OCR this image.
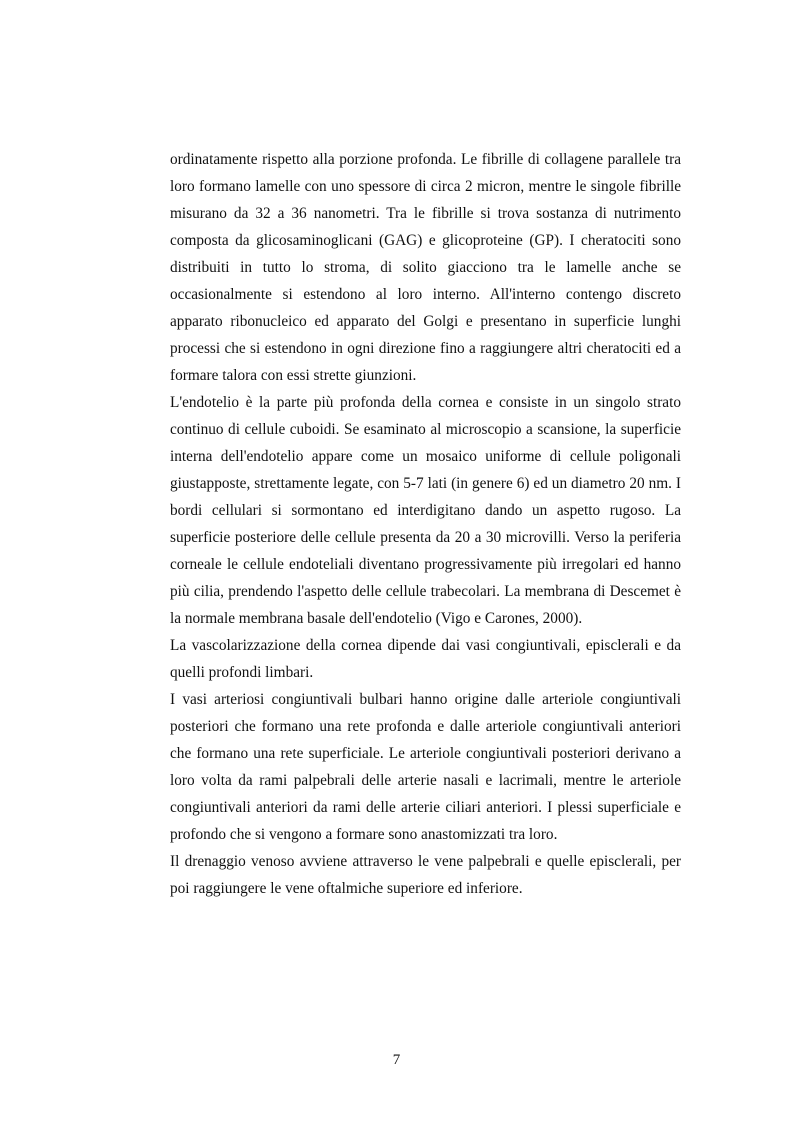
ordinatamente rispetto alla porzione profonda. Le fibrille di collagene parallele tra loro formano lamelle con uno spessore di circa 2 micron, mentre le singole fibrille misurano da 32 a 36 nanometri. Tra le fibrille si trova sostanza di nutrimento composta da glicosaminoglicani (GAG) e glicoproteine (GP). I cheratociti sono distribuiti in tutto lo stroma, di solito giacciono tra le lamelle anche se occasionalmente si estendono al loro interno. All'interno contengo discreto apparato ribonucleico ed apparato del Golgi e presentano in superficie lunghi processi che si estendono in ogni direzione fino a raggiungere altri cheratociti ed a formare talora con essi strette giunzioni.

L'endotelio è la parte più profonda della cornea e consiste in un singolo strato continuo di cellule cuboidi. Se esaminato al microscopio a scansione, la superficie interna dell'endotelio appare come un mosaico uniforme di cellule poligonali giustapposte, strettamente legate, con 5-7 lati (in genere 6) ed un diametro 20 nm. I bordi cellulari si sormontano ed interdigitano dando un aspetto rugoso. La superficie posteriore delle cellule presenta da 20 a 30 microvilli. Verso la periferia corneale le cellule endoteliali diventano progressivamente più irregolari ed hanno più cilia, prendendo l'aspetto delle cellule trabecolari. La membrana di Descemet è la normale membrana basale dell'endotelio (Vigo e Carones, 2000).

La vascolarizzazione della cornea dipende dai vasi congiuntivali, episclerali e da quelli profondi limbari.

I vasi arteriosi congiuntivali bulbari hanno origine dalle arteriole congiuntivali posteriori che formano una rete profonda e dalle arteriole congiuntivali anteriori che formano una rete superficiale. Le arteriole congiuntivali posteriori derivano a loro volta da rami palpebrali delle arterie nasali e lacrimali, mentre le arteriole congiuntivali anteriori da rami delle arterie ciliari anteriori. I plessi superficiale e profondo che si vengono a formare sono anastomizzati tra loro.

Il drenaggio venoso avviene attraverso le vene palpebrali e quelle episclerali, per poi raggiungere le vene oftalmiche superiore ed inferiore.

7
